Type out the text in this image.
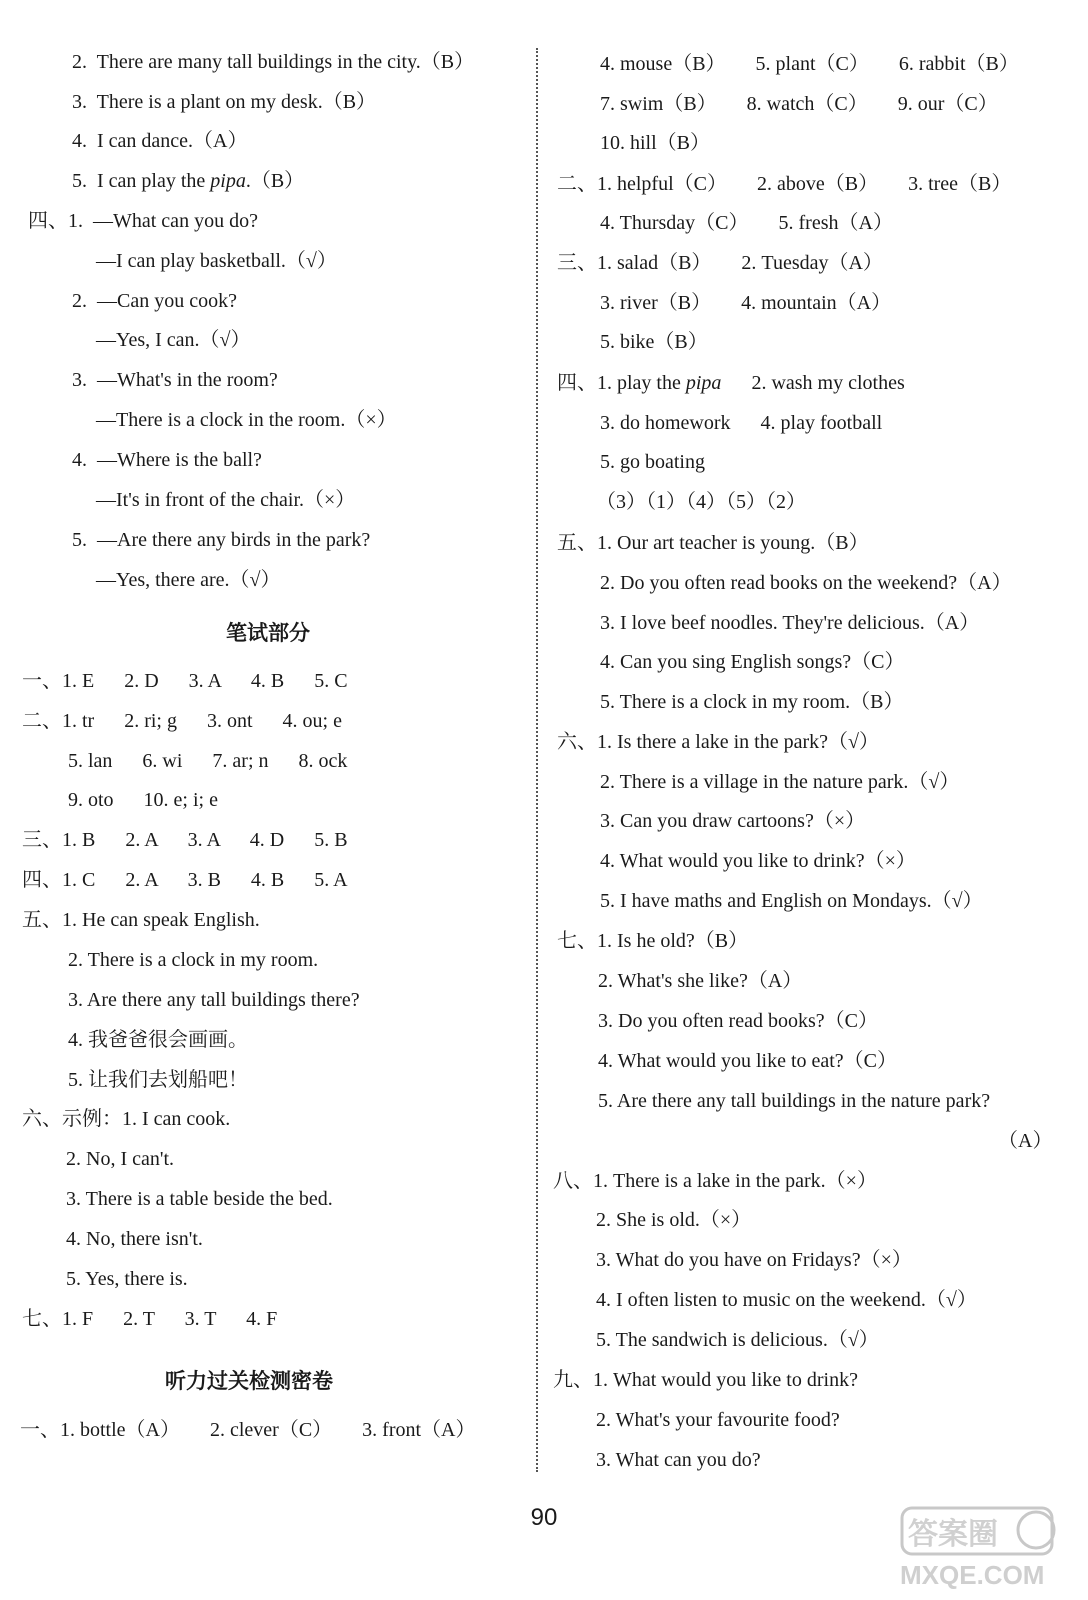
2.  There are many tall buildings in the city.（B）
3.  There is a plant on my desk.（B）
4.  I can dance.（A）
5.  I can play the pipa.（B）
四、1.  —What can you do?
—I can play basketball.（√）
2.  —Can you cook?
—Yes, I can.（√）
3.  —What's in the room?
—There is a clock in the room.（×）
4.  —Where is the ball?
—It's in front of the chair.（×）
5.  —Are there any birds in the park?
—Yes, there are.（√）
一、1. E      2. D      3. A      4. B      5. C
二、1. tr      2. ri; g      3. ont      4. ou; e
5. lan      6. wi      7. ar; n      8. ock
9. oto      10. e; i; e
三、1. B      2. A      3. A      4. D      5. B
四、1. C      2. A      3. B      4. B      5. A
五、1. He can speak English.
2. There is a clock in my room.
3. Are there any tall buildings there?
4. 我爸爸很会画画。
5. 让我们去划船吧！
六、示例：1. I can cook.
2. No, I can't.
3. There is a table beside the bed.
4. No, there isn't.
5. Yes, there is.
七、1. F      2. T      3. T      4. F
一、1. bottle（A）      2. clever（C）      3. front（A）
4. mouse（B）      5. plant（C）      6. rabbit（B）
7. swim（B）      8. watch（C）      9. our（C）
10. hill（B）
二、1. helpful（C）      2. above（B）      3. tree（B）
4. Thursday（C）      5. fresh（A）
三、1. salad（B）      2. Tuesday（A）
3. river（B）      4. mountain（A）
5. bike（B）
四、1. play the pipa      2. wash my clothes
3. do homework      4. play football
5. go boating
（3）（1）（4）（5）（2）
五、1. Our art teacher is young.（B）
2. Do you often read books on the weekend?（A）
3. I love beef noodles. They're delicious.（A）
4. Can you sing English songs?（C）
5. There is a clock in my room.（B）
六、1. Is there a lake in the park?（√）
2. There is a village in the nature park.（√）
3. Can you draw cartoons?（×）
4. What would you like to drink?（×）
5. I have maths and English on Mondays.（√）
七、1. Is he old?（B）
2. What's she like?（A）
3. Do you often read books?（C）
4. What would you like to eat?（C）
5. Are there any tall buildings in the nature park?
（A）
八、1. There is a lake in the park.（×）
2. She is old.（×）
3. What do you have on Fridays?（×）
4. I often listen to music on the weekend.（√）
5. The sandwich is delicious.（√）
九、1. What would you like to drink?
2. What's your favourite food?
3. What can you do?
笔试部分
听力过关检测密卷
90	答案圈
MXQE.COM
